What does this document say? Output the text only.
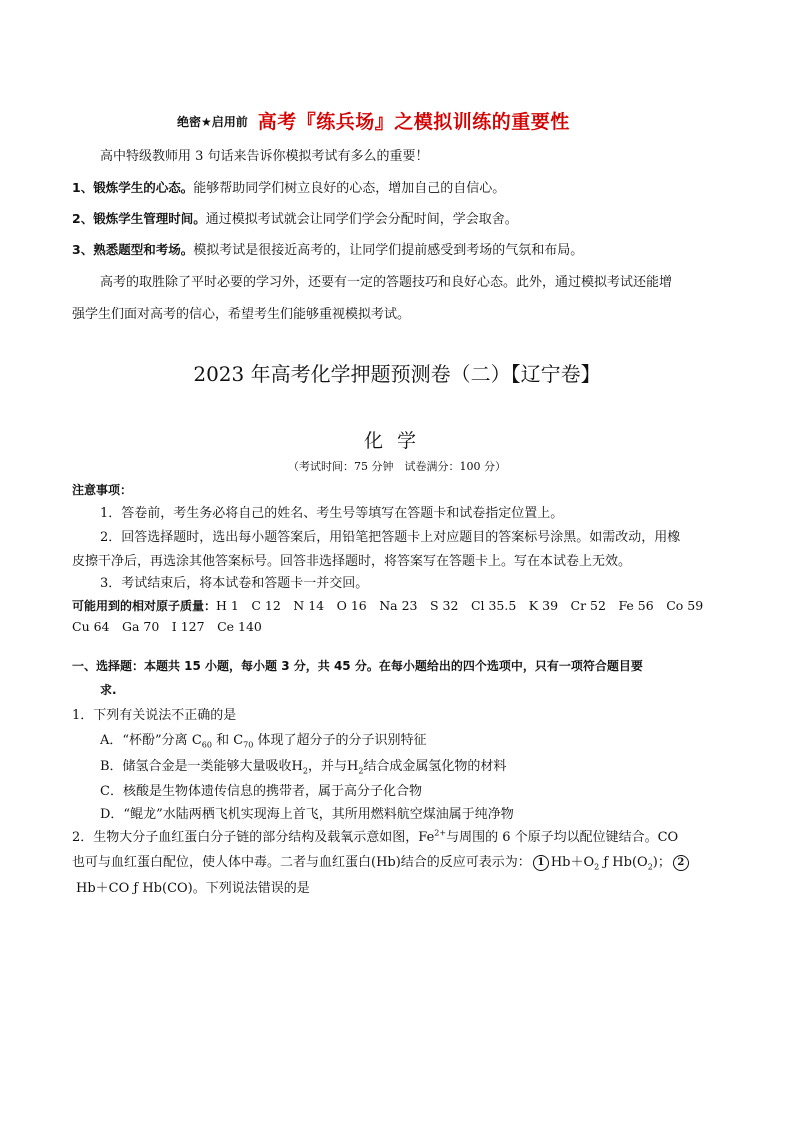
绝密★启用前 高考『练兵场』之模拟训练的重要性
高中特级教师用 3 句话来告诉你模拟考试有多么的重要！
1、锻炼学生的心态。能够帮助同学们树立良好的心态，增加自己的自信心。
2、锻炼学生管理时间。通过模拟考试就会让同学们学会分配时间，学会取舍。
3、熟悉题型和考场。模拟考试是很接近高考的，让同学们提前感受到考场的气氛和布局。
高考的取胜除了平时必要的学习外，还要有一定的答题技巧和良好心态。此外，通过模拟考试还能增
强学生们面对高考的信心，希望考生们能够重视模拟考试。
2023 年高考化学押题预测卷（二）【辽宁卷】
化学
（考试时间：75 分钟　试卷满分：100 分）
注意事项：
1．答卷前，考生务必将自己的姓名、考生号等填写在答题卡和试卷指定位置上。
2．回答选择题时，选出每小题答案后，用铅笔把答题卡上对应题目的答案标号涂黑。如需改动，用橡
皮擦干净后，再选涂其他答案标号。回答非选择题时，将答案写在答题卡上。写在本试卷上无效。
3．考试结束后，将本试卷和答题卡一并交回。
可能用到的相对原子质量：H 1　C 12　N 14　O 16　Na 23　S 32　Cl 35.5　K 39　Cr 52　Fe 56　Co 59
Cu 64　Ga 70　I 127　Ce 140
一、选择题：本题共 15 小题，每小题 3 分，共 45 分。在每小题给出的四个选项中，只有一项符合题目要
求.
1．下列有关说法不正确的是
A．“杯酚”分离 $C_{60}$ 和 $C_{70}$ 体现了超分子的分子识别特征
B．储氢合金是一类能够大量吸收$H_2$，并与$H_2$结合成金属氢化物的材料
C．核酸是生物体遗传信息的携带者，属于高分子化合物
D．“鲲龙”水陆两栖飞机实现海上首飞，其所用燃料航空煤油属于纯净物
2．生物大分子血红蛋白分子链的部分结构及载氧示意如图，$Fe^{2+}$与周围的 6 个原子均以配位键结合。CO
也可与血红蛋白配位，使人体中毒。二者与血红蛋白(Hb)结合的反应可表示为： 1 $Hb+O_2$ ƒ $Hb(O_2)$； 2
Hb＋CO ƒ Hb(CO)。下列说法错误的是
